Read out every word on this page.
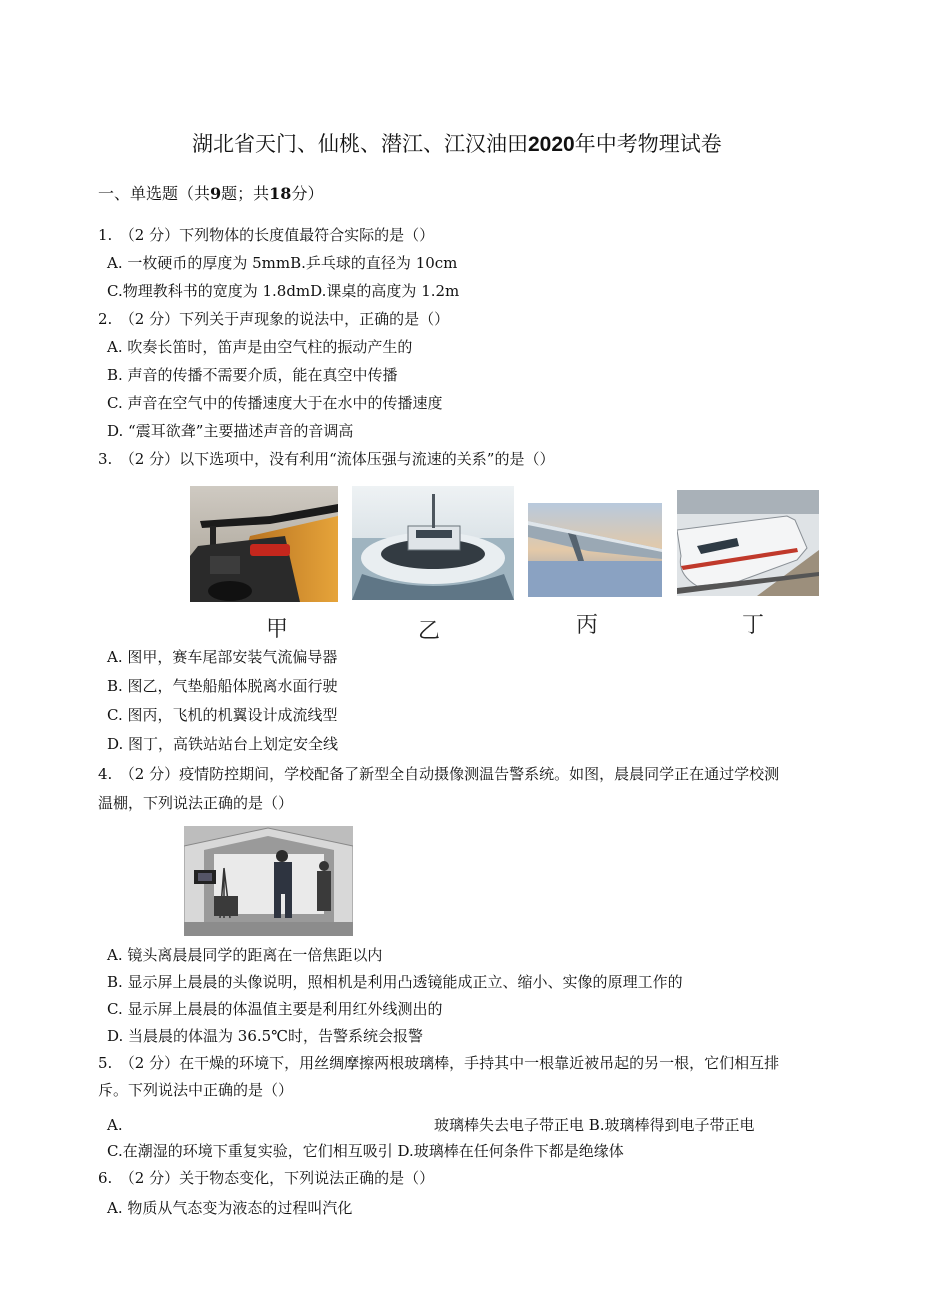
湖北省天门、仙桃、潜江、江汉油田2020年中考物理试卷
一、单选题（共9题；共18分）
1.　（2 分）下列物体的长度值最符合实际的是（）
A. 一枚硬币的厚度为 5mmB.乒乓球的直径为 10cm
C.物理教科书的宽度为 1.8dmD.课桌的高度为 1.2m
2.　（2 分）下列关于声现象的说法中，正确的是（）
A. 吹奏长笛时，笛声是由空气柱的振动产生的
B. 声音的传播不需要介质，能在真空中传播
C. 声音在空气中的传播速度大于在水中的传播速度
D. “震耳欲聋”主要描述声音的音调高
3.　（2 分）以下选项中，没有利用“流体压强与流速的关系”的是（）
甲	乙	丙	丁
A. 图甲，赛车尾部安装气流偏导器
B. 图乙，气垫船船体脱离水面行驶
C. 图丙，飞机的机翼设计成流线型
D. 图丁，高铁站站台上划定安全线
4.　（2 分）疫情防控期间，学校配备了新型全自动摄像测温告警系统。如图，晨晨同学正在通过学校测
温棚，下列说法正确的是（）
A. 镜头离晨晨同学的距离在一倍焦距以内
B. 显示屏上晨晨的头像说明，照相机是利用凸透镜能成正立、缩小、实像的原理工作的
C. 显示屏上晨晨的体温值主要是利用红外线测出的
D. 当晨晨的体温为 36.5℃时，告警系统会报警
5.　（2 分）在干燥的环境下，用丝绸摩擦两根玻璃棒，手持其中一根靠近被吊起的另一根，它们相互排
斥。下列说法中正确的是（）
A.	玻璃棒失去电子带正电 B.玻璃棒得到电子带正电
C.在潮湿的环境下重复实验，它们相互吸引 D.玻璃棒在任何条件下都是绝缘体
6.　（2 分）关于物态变化，下列说法正确的是（）
A. 物质从气态变为液态的过程叫汽化
